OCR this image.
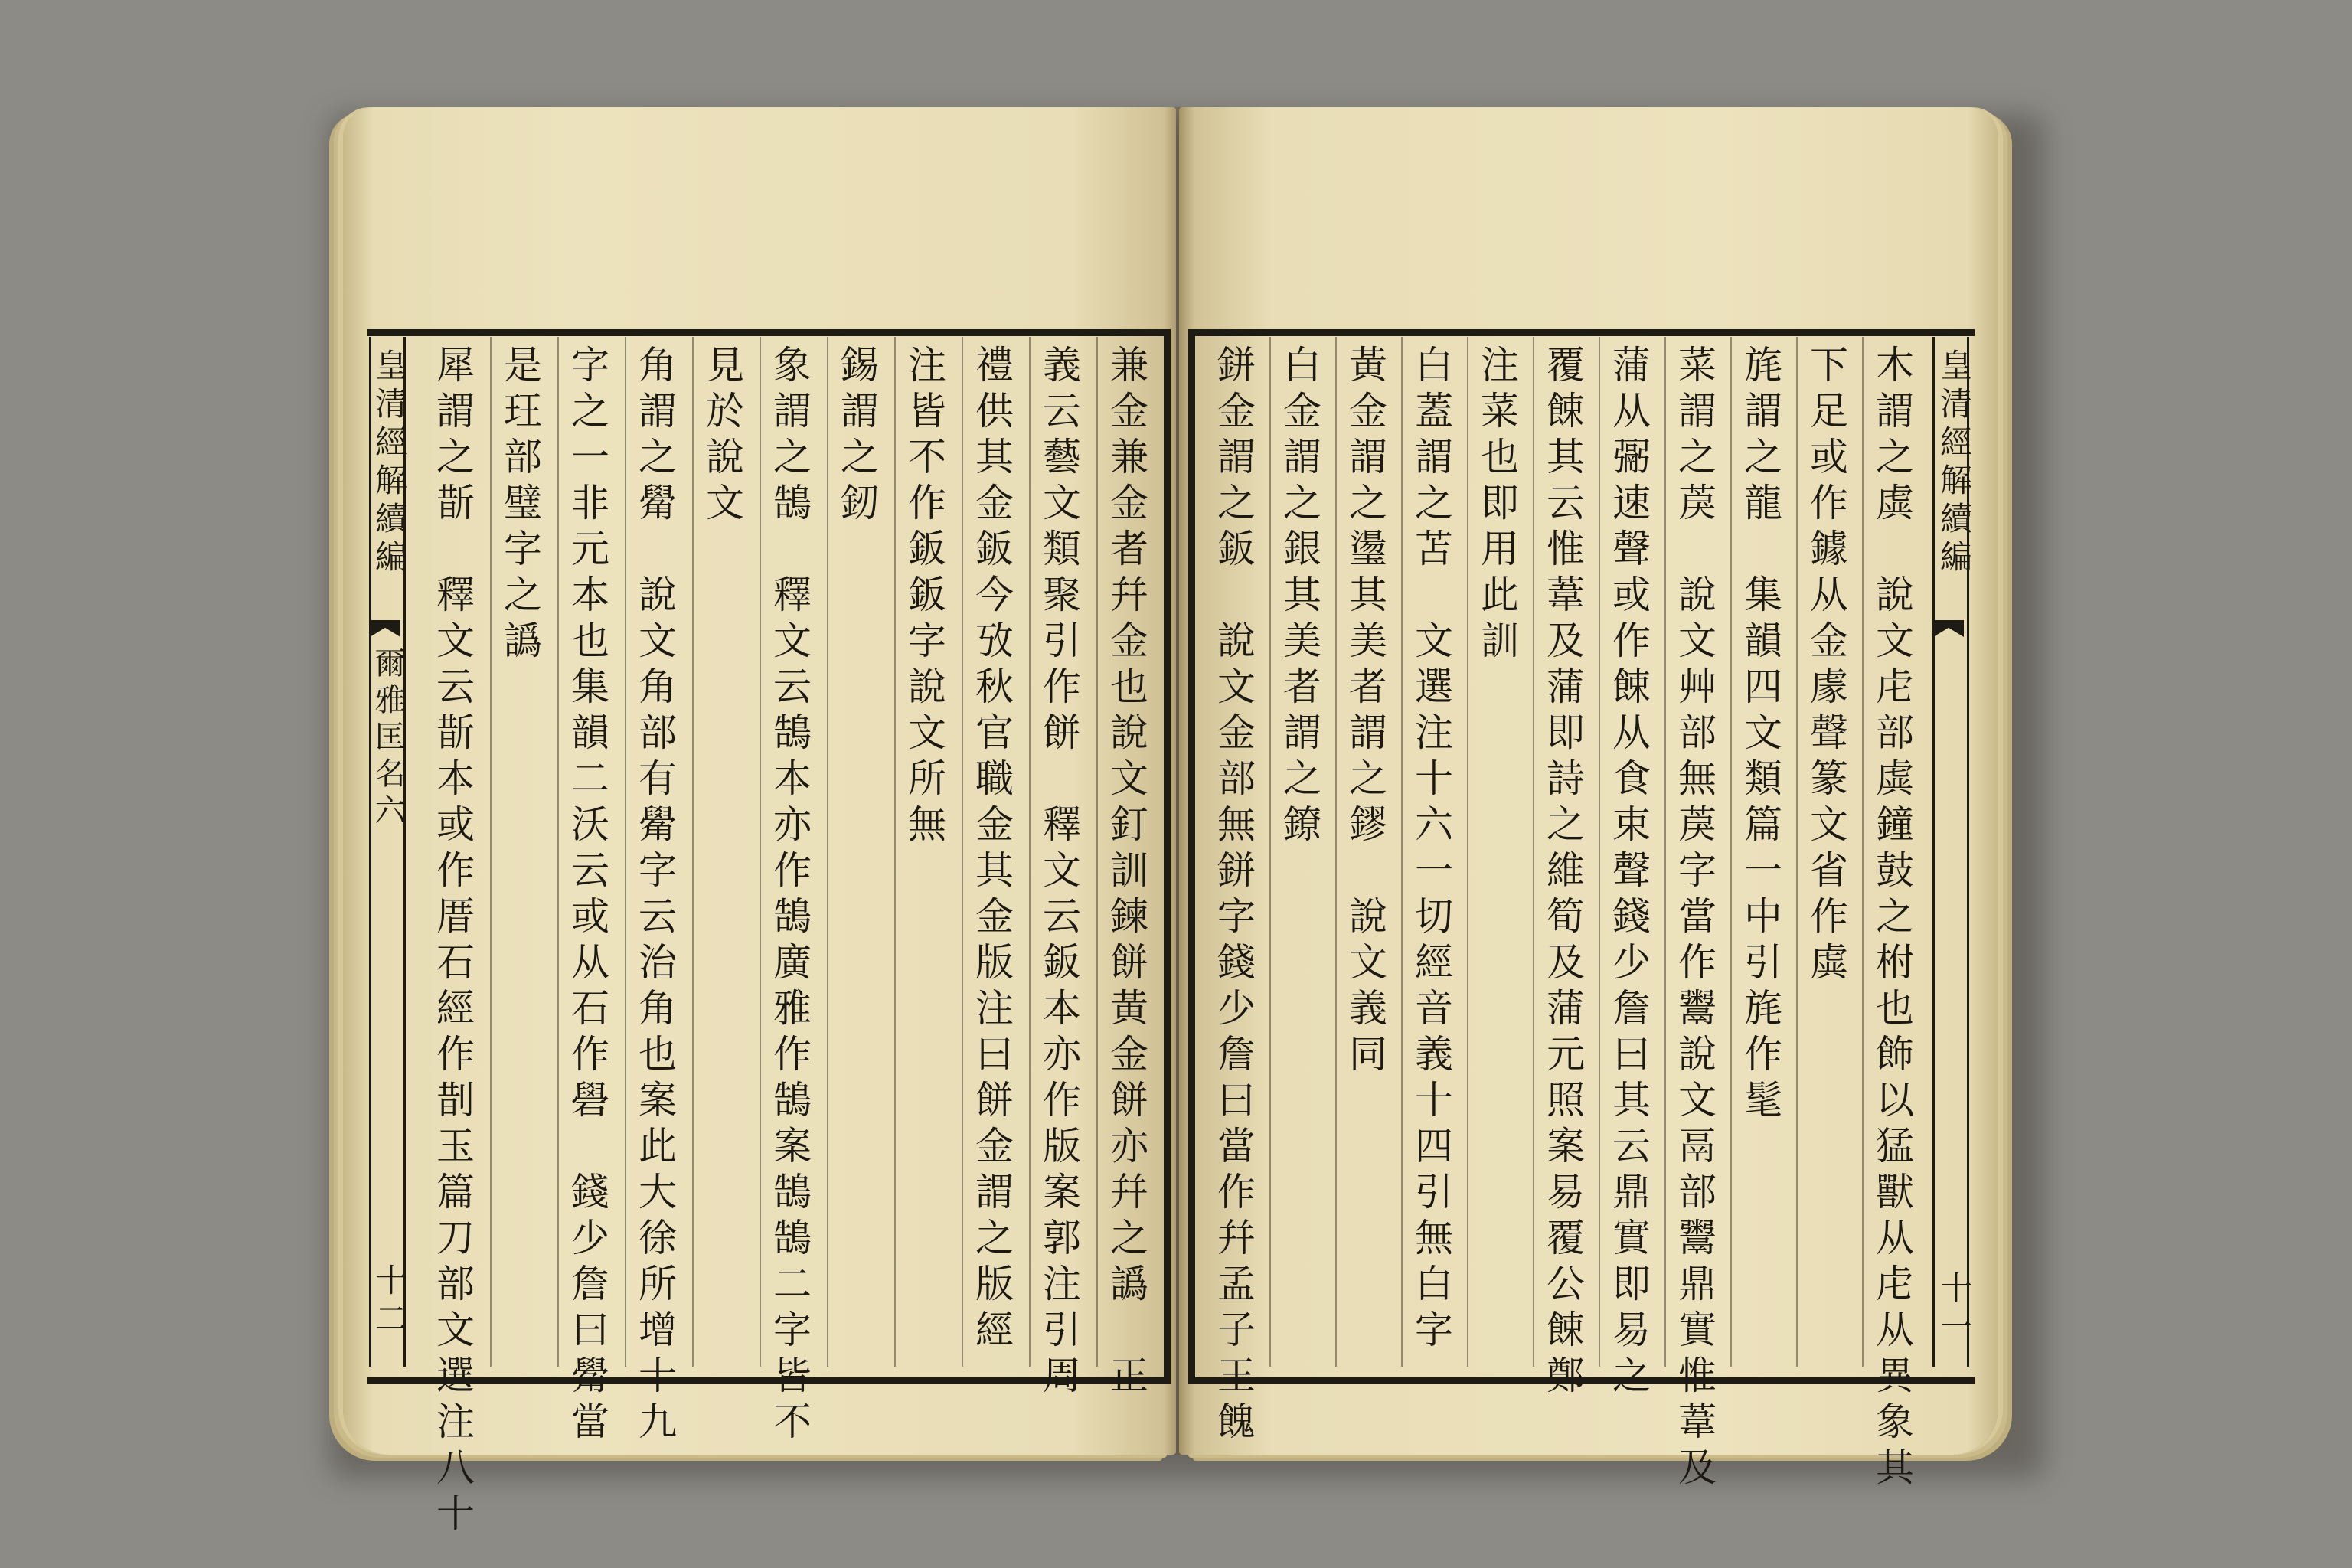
皇清經解續編
爾雅匡名六
十二	兼金兼金者幷金也說文釘訓鍊餅黃金餅亦幷之譌　正
義云藝文類聚引作餅　釋文云鈑本亦作版案郭注引周
禮供其金鈑今攷秋官職金其金版注曰餅金謂之版經
注皆不作鈑鈑字說文所無
錫謂之釰
象謂之鵠　釋文云鵠本亦作鵠廣雅作鵠案鵠鵠二字皆不
見於說文
角謂之觷　說文角部有觷字云治角也案此大徐所增十九
字之一非元本也集韻二沃云或从石作礐　錢少詹曰觷當
是玨部璧字之譌
犀謂之斮　釋文云斮本或作厝石經作剒玉篇刀部文選注八十	皇清經解續編
十一
木謂之虡　說文虍部虡鐘鼓之柎也飾以猛獸从虍从異象其
下足或作鐻从金豦聲篆文省作虡
旄謂之龍　集韻四文類篇一中引旄作髦
菜謂之䓞　說文艸部無䓞字當作鬻說文鬲部鬻鼎實惟葦及
蒲从䰜速聲或作餗从食束聲錢少詹曰其云鼎實即易之
覆餗其云惟葦及蒲即詩之維筍及蒲元照案易覆公餗鄭
注菜也即用此訓
白蓋謂之苫　文選注十六一切經音義十四引無白字
黃金謂之璗其美者謂之鏐　說文義同
白金謂之銀其美者謂之鐐
鉼金謂之鈑　說文金部無鉼字錢少詹曰當作幷孟子王餽
